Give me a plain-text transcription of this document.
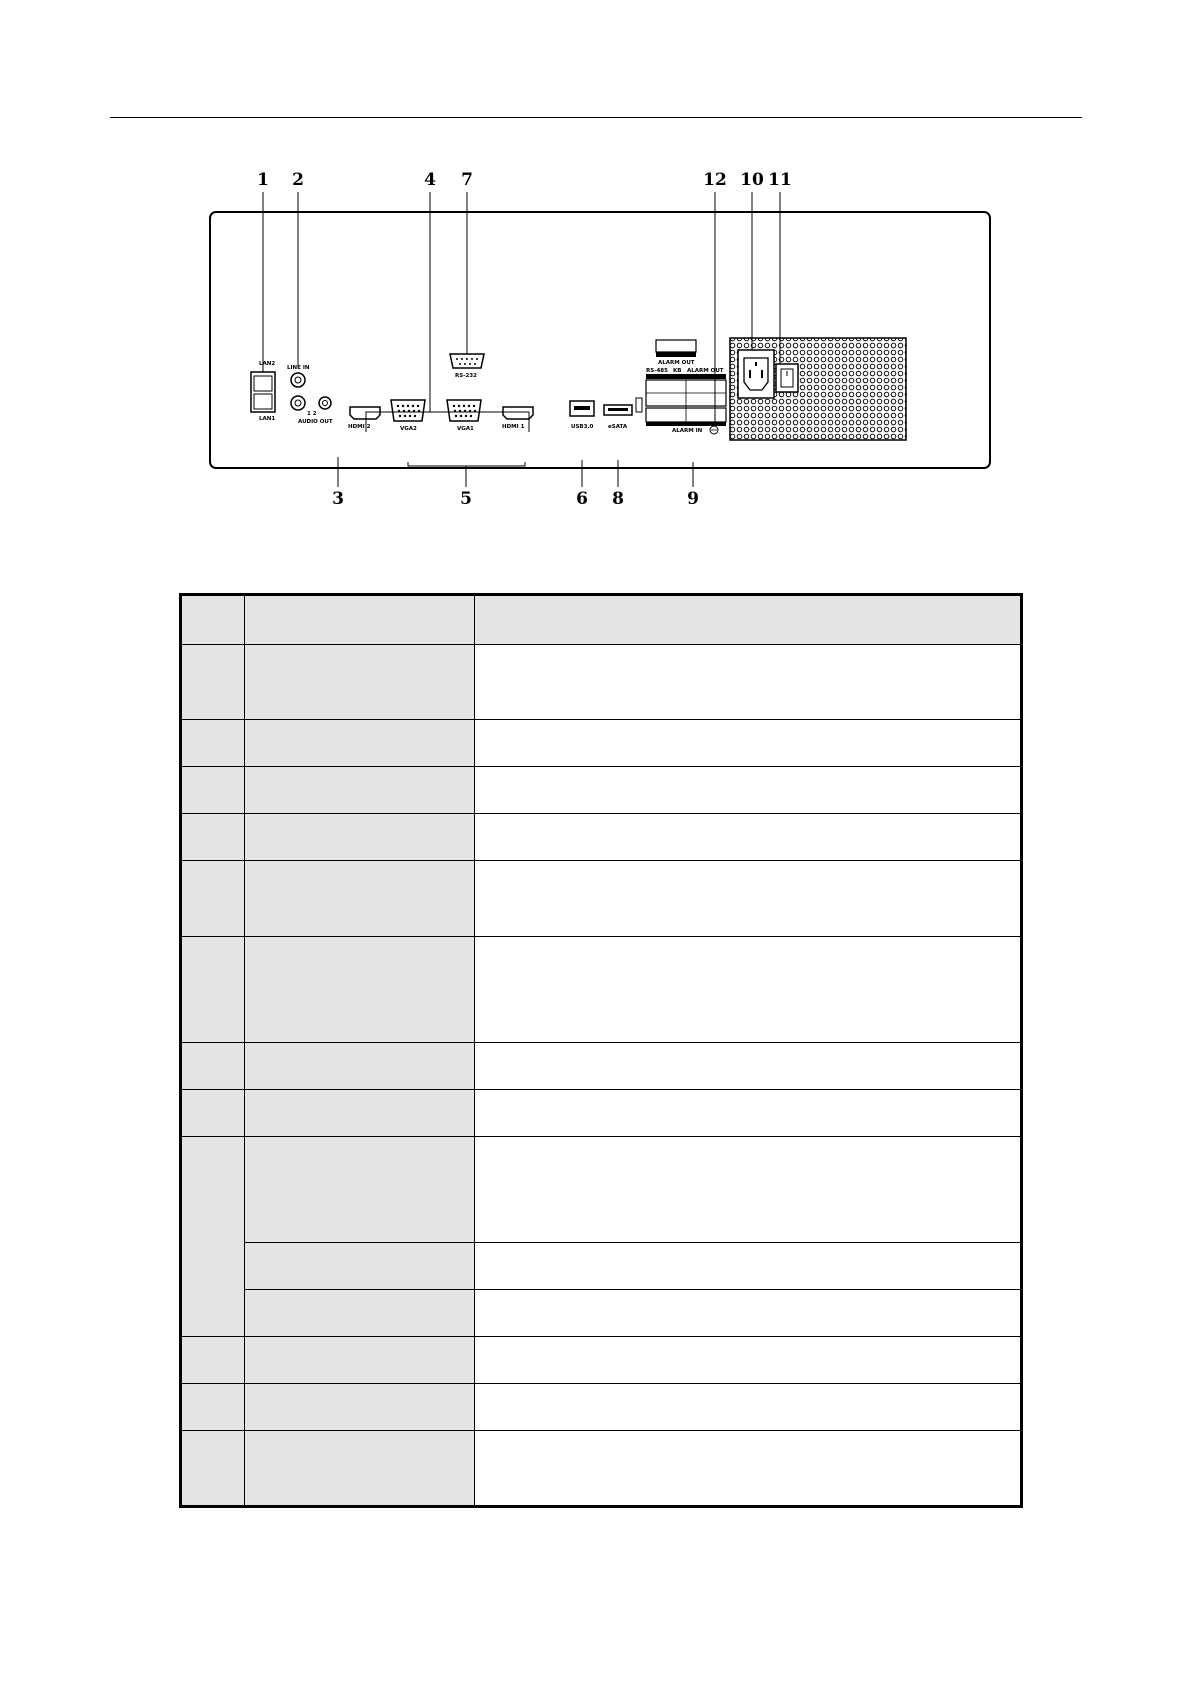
1 2	4 7	12 10 11
3	5	6 8	9
LAN2
LAN1
LINE IN
1 2
AUDIO OUT
HDMI 2	VGA2	VGA1	HDMI 1	USB3.0	eSATA
RS-232
ALARM OUT
RS-485 KB ALARM OUT
ALARM IN
